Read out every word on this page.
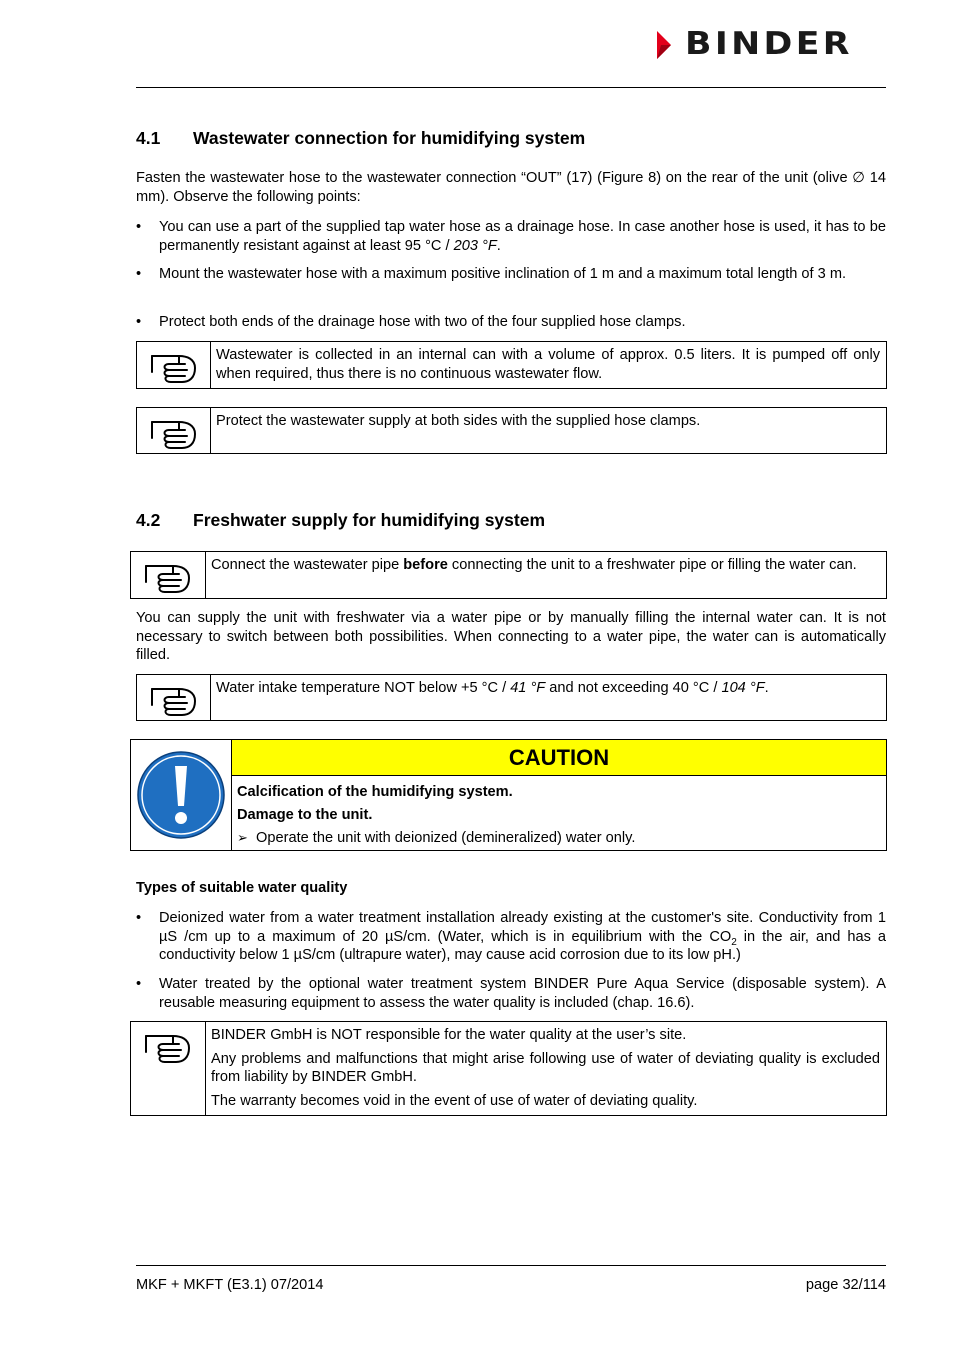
BINDER
4.1 Wastewater connection for humidifying system

Fasten the wastewater hose to the wastewater connection “OUT” (17) (Figure 8) on the rear of the unit (olive ∅ 14 mm). Observe the following points:

• You can use a part of the supplied tap water hose as a drainage hose. In case another hose is used, it has to be permanently resistant against at least 95 °C / 203 °F.
• Mount the wastewater hose with a maximum positive inclination of 1 m and a maximum total length of 3 m.
• Protect both ends of the drainage hose with two of the four supplied hose clamps.
Wastewater is collected in an internal can with a volume of approx. 0.5 liters. It is pumped off only when required, thus there is no continuous wastewater flow.
Protect the wastewater supply at both sides with the supplied hose clamps.
4.2 Freshwater supply for humidifying system
Connect the wastewater pipe before connecting the unit to a freshwater pipe or filling the water can.

You can supply the unit with freshwater via a water pipe or by manually filling the internal water can. It is not necessary to switch between both possibilities. When connecting to a water pipe, the water can is automatically filled.

Water intake temperature NOT below +5 °C / 41 °F and not exceeding 40 °C / 104 °F.
CAUTION
Calcification of the humidifying system.
Damage to the unit.
➢ Operate the unit with deionized (demineralized) water only.
Types of suitable water quality
• Deionized water from a water treatment installation already existing at the customer's site. Conductivity from 1 µS /cm up to a maximum of 20 µS/cm. (Water, which is in equilibrium with the $CO_2$ in the air, and has a conductivity below 1 µS/cm (ultrapure water), may cause acid corrosion due to its low pH.)
• Water treated by the optional water treatment system BINDER Pure Aqua Service (disposable system). A reusable measuring equipment to assess the water quality is included (chap. 16.6).

BINDER GmbH is NOT responsible for the water quality at the user’s site.

Any problems and malfunctions that might arise following use of water of deviating quality is excluded from liability by BINDER GmbH.

The warranty becomes void in the event of use of water of deviating quality.

MKF + MKFT (E3.1) 07/2014	page 32/114
